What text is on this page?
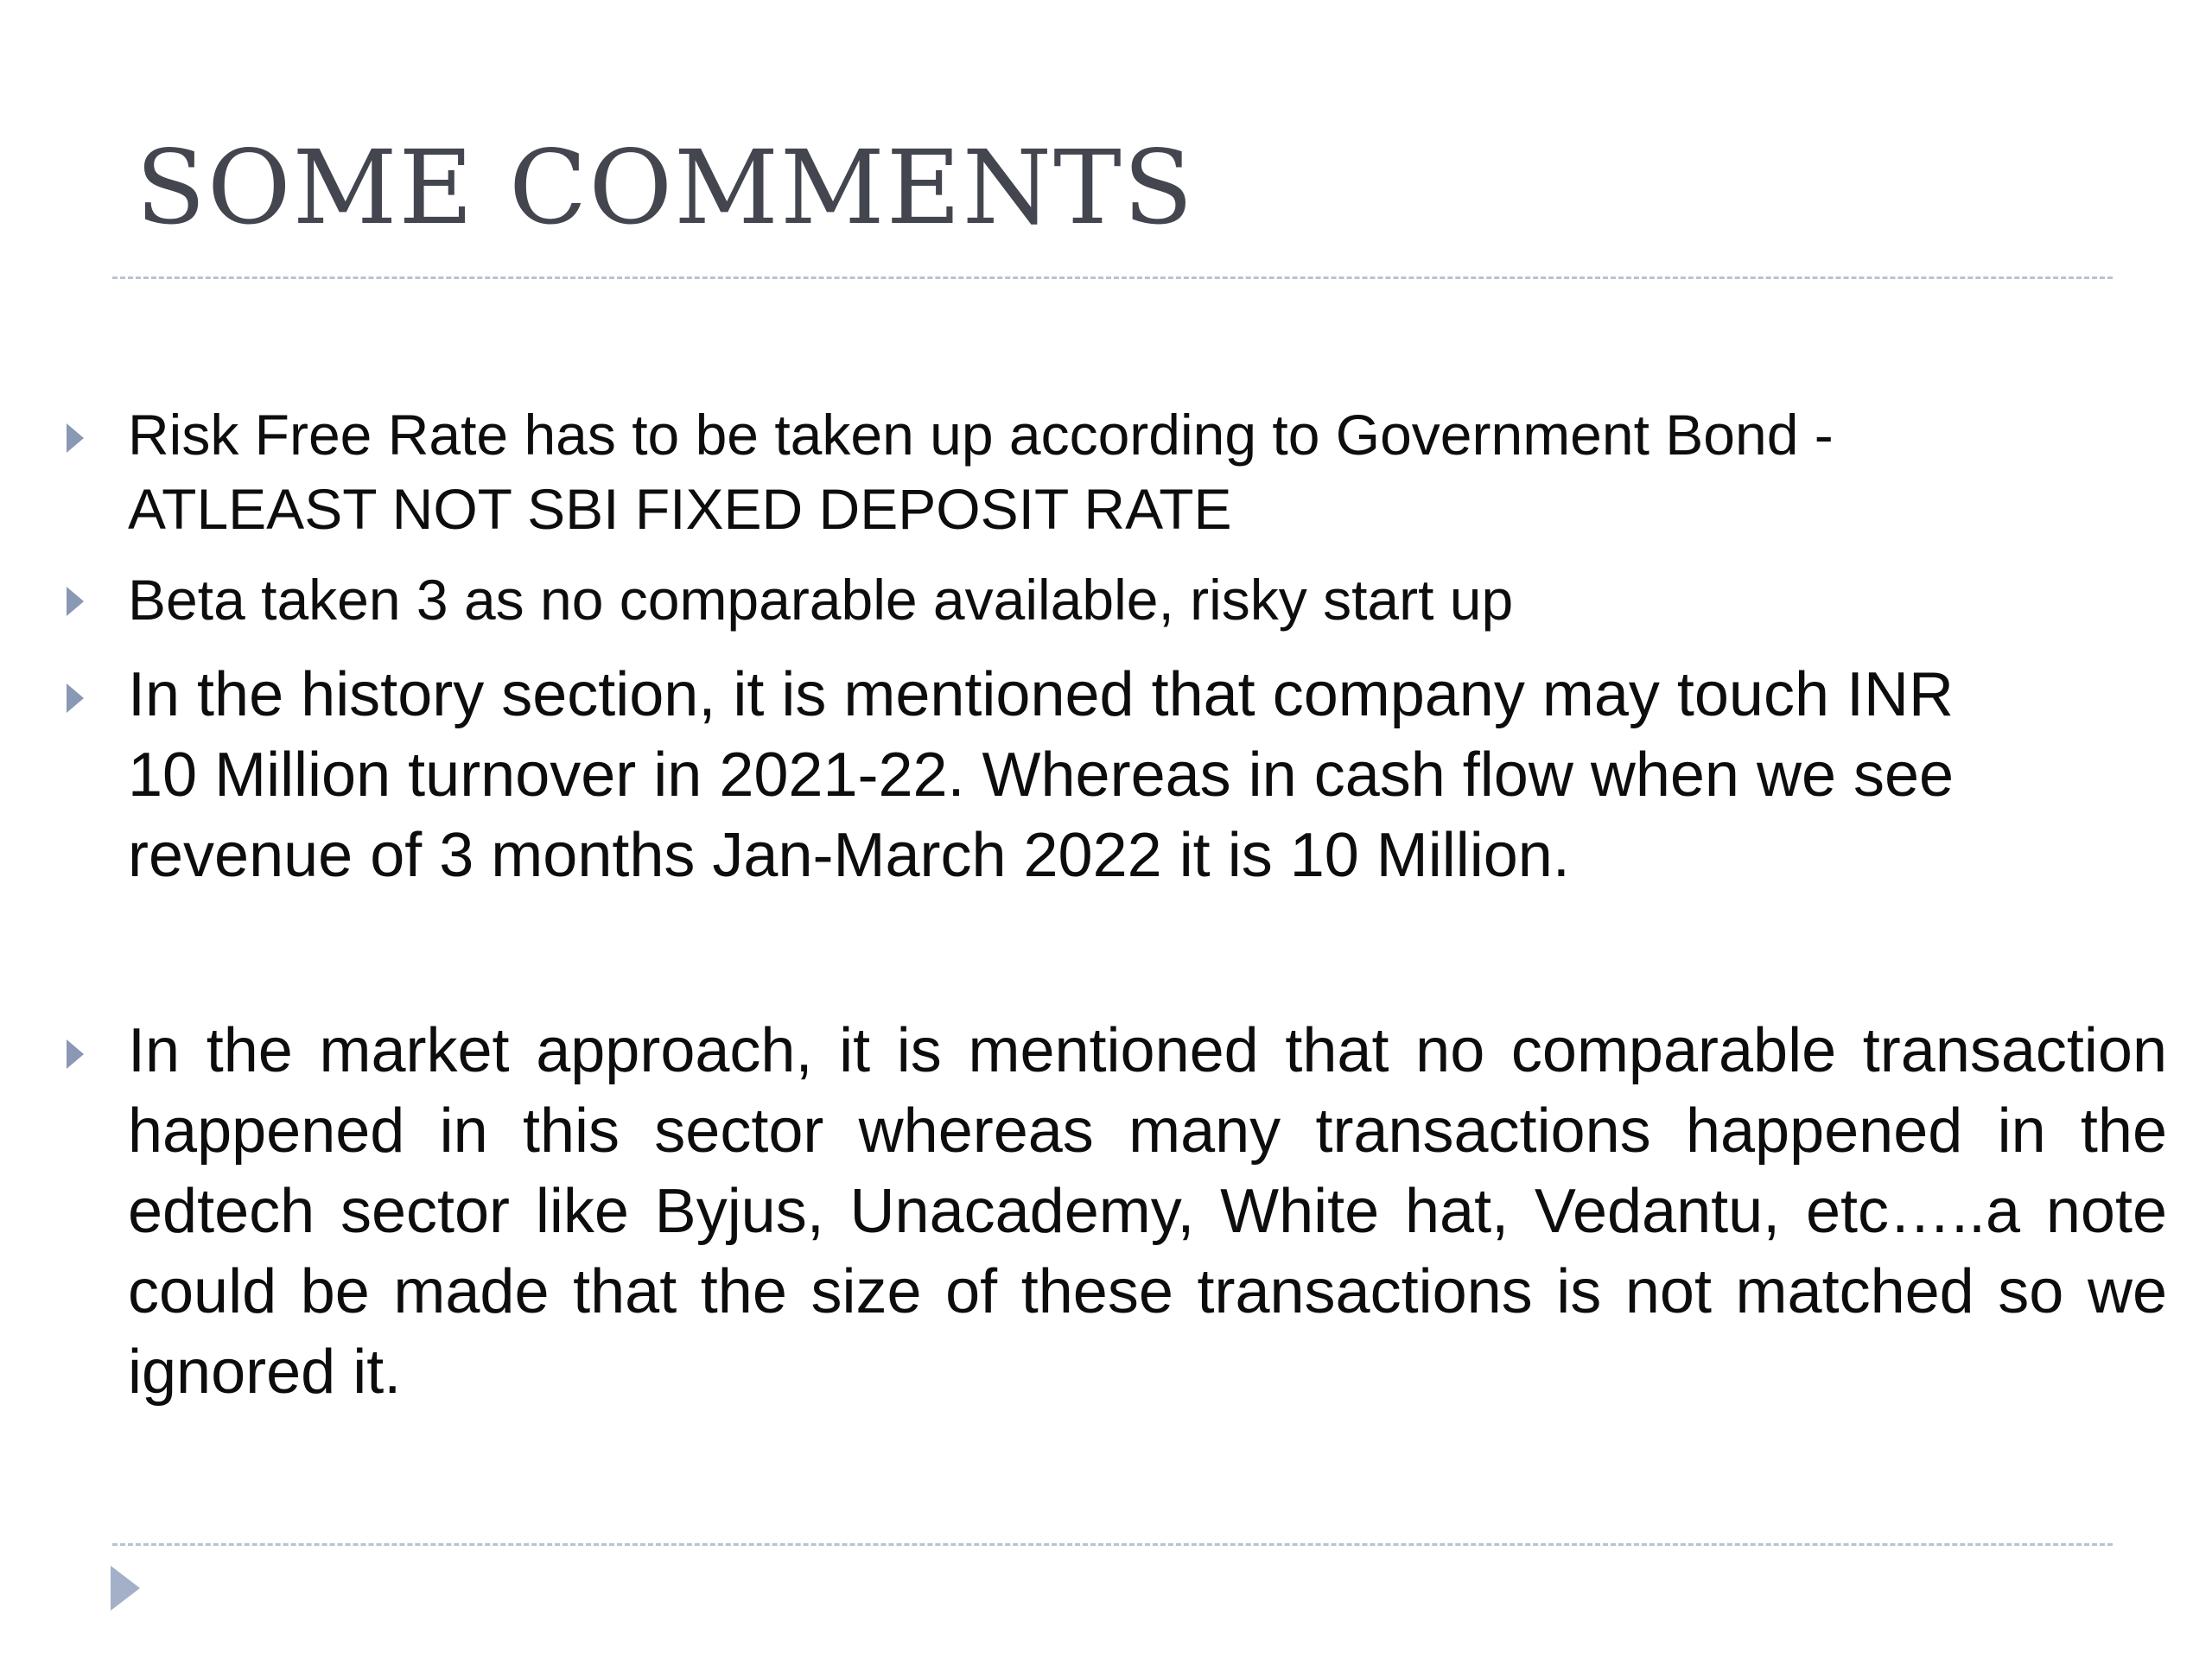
SOME COMMENTS
Risk Free Rate has to be taken up according to Government Bond -
ATLEAST NOT SBI FIXED DEPOSIT RATE
Beta taken 3 as no comparable available, risky start up
In the history section, it is mentioned that company may touch INR
10 Million turnover in 2021-22. Whereas in cash flow when we see
revenue of 3 months Jan-March 2022 it is 10 Million.
In the market approach, it is mentioned that no comparable transaction happened in this sector whereas many transactions happened in the edtech sector like Byjus, Unacademy, White hat, Vedantu, etc…..a note could be made that the size of these transactions is not matched so we ignored it.
